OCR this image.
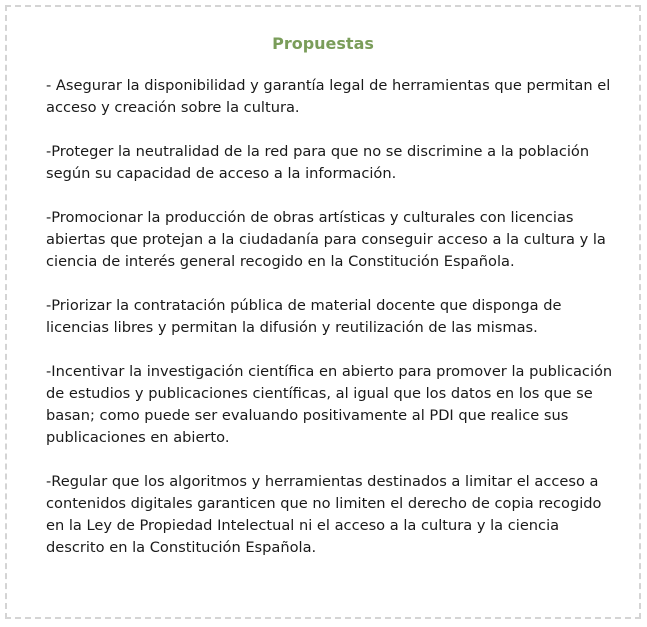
Propuestas
- Asegurar la disponibilidad y garantía legal de herramientas que permitan el acceso y creación sobre la cultura.
-Proteger la neutralidad de la red para que no se discrimine a la población según su capacidad de acceso a la información.
-Promocionar la producción de obras artísticas y culturales con licencias abiertas que protejan a la ciudadanía para conseguir acceso a la cultura y la ciencia de interés general recogido en la Constitución Española.
-Priorizar la contratación pública de material docente que disponga de licencias libres y permitan la difusión y reutilización de las mismas.
-Incentivar la investigación científica en abierto para promover la publicación de estudios y publicaciones científicas, al igual que los datos en los que se basan; como puede ser evaluando positivamente al PDI que realice sus publicaciones en abierto.
-Regular que los algoritmos y herramientas destinados a limitar el acceso a contenidos digitales garanticen que no limiten el derecho de copia recogido en la Ley de Propiedad Intelectual ni el acceso a la cultura y la ciencia descrito en la Constitución Española.
